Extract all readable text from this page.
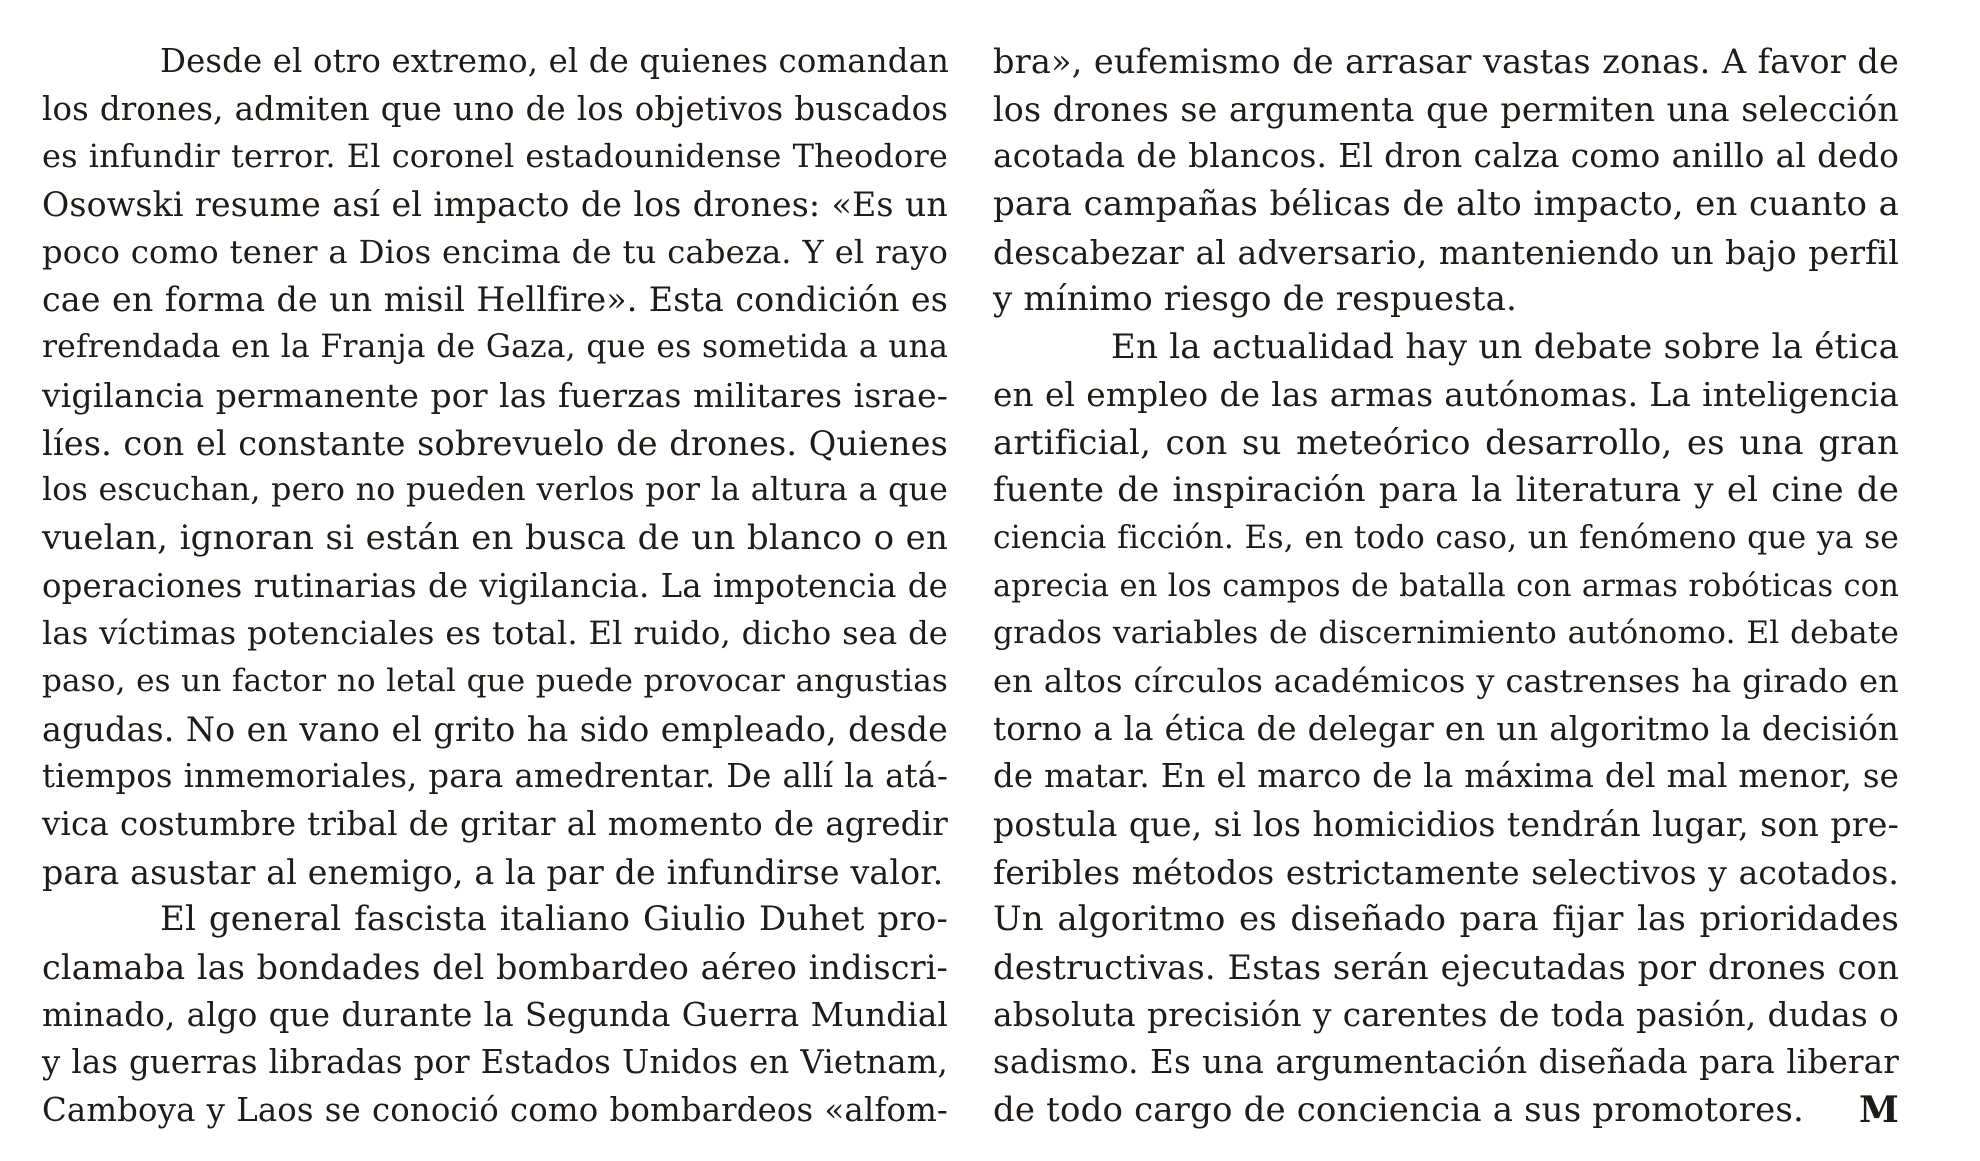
Desde el otro extremo, el de quienes comandan
los drones, admiten que uno de los objetivos buscados
es infundir terror. El coronel estadounidense Theodore
Osowski resume así el impacto de los drones: «Es un
poco como tener a Dios encima de tu cabeza. Y el rayo
cae en forma de un misil Hellfire». Esta condición es
refrendada en la Franja de Gaza, que es sometida a una
vigilancia permanente por las fuerzas militares israe-
líes. con el constante sobrevuelo de drones. Quienes
los escuchan, pero no pueden verlos por la altura a que
vuelan, ignoran si están en busca de un blanco o en
operaciones rutinarias de vigilancia. La impotencia de
las víctimas potenciales es total. El ruido, dicho sea de
paso, es un factor no letal que puede provocar angustias
agudas. No en vano el grito ha sido empleado, desde
tiempos inmemoriales, para amedrentar. De allí la atá-
vica costumbre tribal de gritar al momento de agredir
para asustar al enemigo, a la par de infundirse valor.
El general fascista italiano Giulio Duhet pro-
clamaba las bondades del bombardeo aéreo indiscri-
minado, algo que durante la Segunda Guerra Mundial
y las guerras libradas por Estados Unidos en Vietnam,
Camboya y Laos se conoció como bombardeos «alfom-
bra», eufemismo de arrasar vastas zonas. A favor de
los drones se argumenta que permiten una selección
acotada de blancos. El dron calza como anillo al dedo
para campañas bélicas de alto impacto, en cuanto a
descabezar al adversario, manteniendo un bajo perfil
y mínimo riesgo de respuesta.
En la actualidad hay un debate sobre la ética
en el empleo de las armas autónomas. La inteligencia
artificial, con su meteórico desarrollo, es una gran
fuente de inspiración para la literatura y el cine de
ciencia ficción. Es, en todo caso, un fenómeno que ya se
aprecia en los campos de batalla con armas robóticas con
grados variables de discernimiento autónomo. El debate
en altos círculos académicos y castrenses ha girado en
torno a la ética de delegar en un algoritmo la decisión
de matar. En el marco de la máxima del mal menor, se
postula que, si los homicidios tendrán lugar, son pre-
feribles métodos estrictamente selectivos y acotados.
Un algoritmo es diseñado para fijar las prioridades
destructivas. Estas serán ejecutadas por drones con
absoluta precisión y carentes de toda pasión, dudas o
sadismo. Es una argumentación diseñada para liberar
de todo cargo de conciencia a sus promotores. M
